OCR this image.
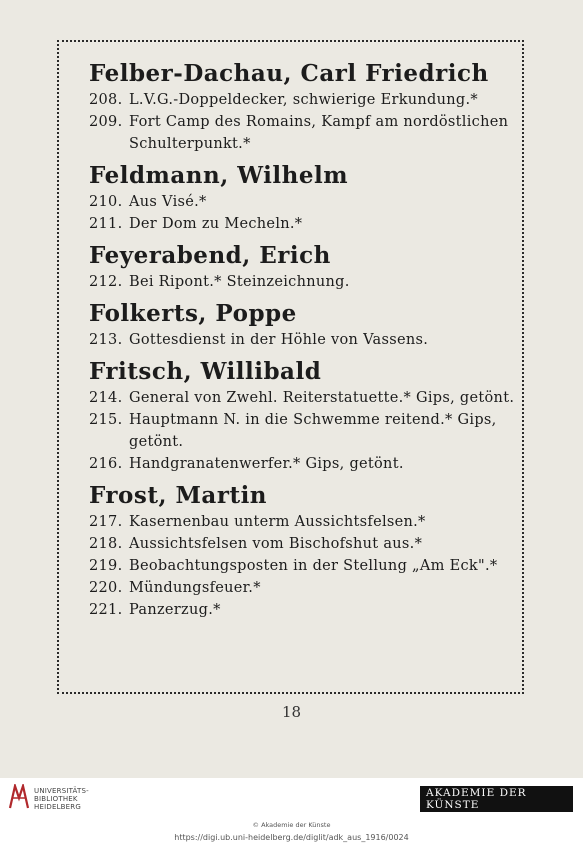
Felber-Dachau, Carl Friedrich
208. L.V.G.-Doppeldecker, schwierige Erkundung.*
209. Fort Camp des Romains, Kampf am nordöstlichen Schulterpunkt.*
Feldmann, Wilhelm
210. Aus Visé.*
211. Der Dom zu Mecheln.*
Feyerabend, Erich
212. Bei Ripont.* Steinzeichnung.
Folkerts, Poppe
213. Gottesdienst in der Höhle von Vassens.
Fritsch, Willibald
214. General von Zwehl. Reiterstatuette.* Gips, getönt.
215. Hauptmann N. in die Schwemme reitend.* Gips, getönt.
216. Handgranatenwerfer.* Gips, getönt.
Frost, Martin
217. Kasernenbau unterm Aussichtsfelsen.*
218. Aussichtsfelsen vom Bischofshut aus.*
219. Beobachtungsposten in der Stellung „Am Eck".*
220. Mündungsfeuer.*
221. Panzerzug.*
18
UNIVERSITÄTS-
BIBLIOTHEK
HEIDELBERG
AKADEMIE DER KÜNSTE
© Akademie der Künste
https://digi.ub.uni-heidelberg.de/diglit/adk_aus_1916/0024
